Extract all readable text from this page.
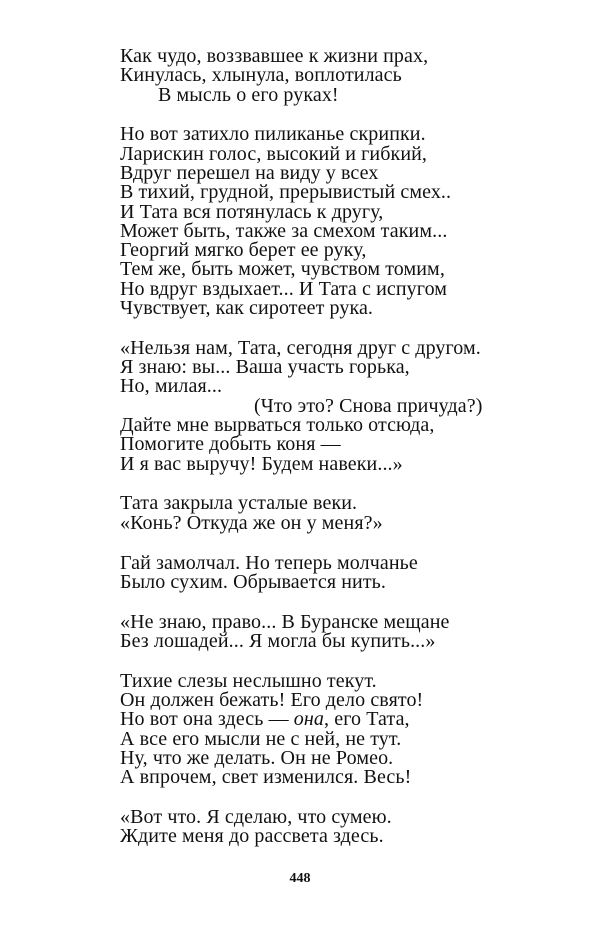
Как чудо, воззвавшее к жизни прах,
Кинулась, хлынула, воплотилась
В мысль о его руках!
Но вот затихло пиликанье скрипки.
Ларискин голос, высокий и гибкий,
Вдруг перешел на виду у всех
В тихий, грудной, прерывистый смех..
И Тата вся потянулась к другу,
Может быть, также за смехом таким...
Георгий мягко берет ее руку,
Тем же, быть может, чувством томим,
Но вдруг вздыхает... И Тата с испугом
Чувствует, как сиротеет рука.
«Нельзя нам, Тата, сегодня друг с другом.
Я знаю: вы... Ваша участь горька,
Но, милая...
(Что это? Снова причуда?)
Дайте мне вырваться только отсюда,
Помогите добыть коня —
И я вас выручу! Будем навеки...»
Тата закрыла усталые веки.
«Конь? Откуда же он у меня?»
Гай замолчал. Но теперь молчанье
Было сухим. Обрывается нить.
«Не знаю, право... В Буранске мещане
Без лошадей... Я могла бы купить...»
Тихие слезы неслышно текут.
Он должен бежать! Его дело свято!
Но вот она здесь — она, его Тата,
А все его мысли не с ней, не тут.
Ну, что же делать. Он не Ромео.
А впрочем, свет изменился. Весь!
«Вот что. Я сделаю, что сумею.
Ждите меня до рассвета здесь.
448
